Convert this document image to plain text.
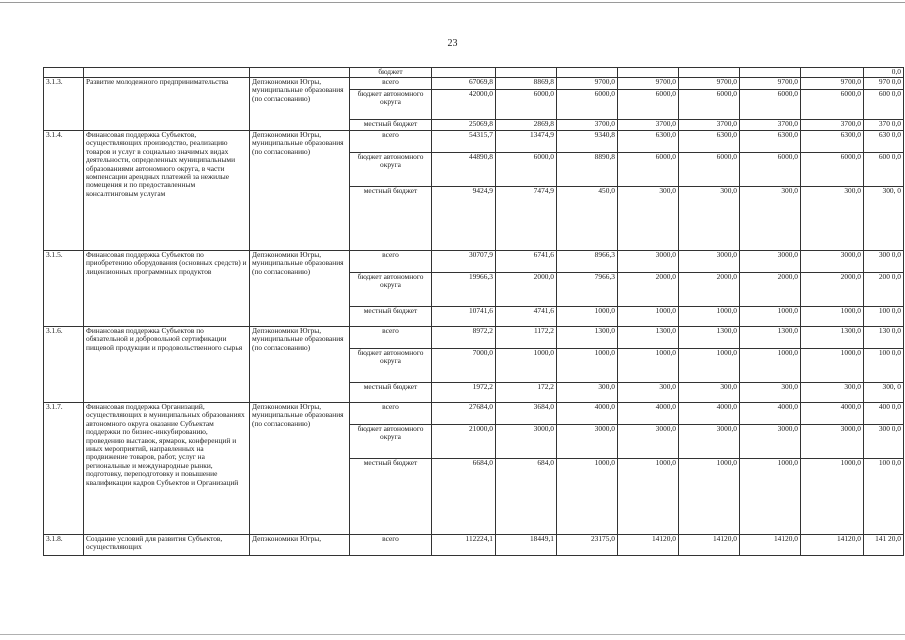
23
			бюджет								0,0
3.1.3.	Развитие молодежного предпринимательства	Депэкономики Югры, муниципальные образования (по согласованию)	всего	67069,8	8869,8	9700,0	9700,0	9700,0	9700,0	9700,0	970 0,0
			бюджет автономного округа	42000,0	6000,0	6000,0	6000,0	6000,0	6000,0	6000,0	600 0,0
			местный бюджет	25069,8	2869,8	3700,0	3700,0	3700,0	3700,0	3700,0	370 0,0
3.1.4.	Финансовая поддержка Субъектов, осуществляющих производство, реализацию товаров и услуг в социально значимых видах деятельности, определенных муниципальными образованиями автономного округа, в части компенсации арендных платежей за нежилые помещения и по предоставленным консалтинговым услугам	Депэкономики Югры, муниципальные образования (по согласованию)	всего	54315,7	13474,9	9340,8	6300,0	6300,0	6300,0	6300,0	630 0,0
			бюджет автономного округа	44890,8	6000,0	8890,8	6000,0	6000,0	6000,0	6000,0	600 0,0
			местный бюджет	9424,9	7474,9	450,0	300,0	300,0	300,0	300,0	300, 0
3.1.5.	Финансовая поддержка Субъектов по приобретению оборудования (основных средств) и лицензионных программных продуктов	Депэкономики Югры, муниципальные образования (по согласованию)	всего	30707,9	6741,6	8966,3	3000,0	3000,0	3000,0	3000,0	300 0,0
			бюджет автономного округа	19966,3	2000,0	7966,3	2000,0	2000,0	2000,0	2000,0	200 0,0
			местный бюджет	10741,6	4741,6	1000,0	1000,0	1000,0	1000,0	1000,0	100 0,0
3.1.6.	Финансовая поддержка Субъектов по обязательной и добровольной сертификации пищевой продукции и продовольственного сырья	Депэкономики Югры, муниципальные образования (по согласованию)	всего	8972,2	1172,2	1300,0	1300,0	1300,0	1300,0	1300,0	130 0,0
			бюджет автономного округа	7000,0	1000,0	1000,0	1000,0	1000,0	1000,0	1000,0	100 0,0
			местный бюджет	1972,2	172,2	300,0	300,0	300,0	300,0	300,0	300, 0
3.1.7.	Финансовая поддержка Организаций, осуществляющих в муниципальных образованиях автономного округа оказание Субъектам поддержки по бизнес-инкубированию, проведению выставок, ярмарок, конференций и иных мероприятий, направленных на продвижение товаров, работ, услуг на региональные и международные рынки, подготовку, переподготовку и повышение квалификации кадров Субъектов и Организаций	Депэкономики Югры, муниципальные образования (по согласованию)	всего	27684,0	3684,0	4000,0	4000,0	4000,0	4000,0	4000,0	400 0,0
			бюджет автономного округа	21000,0	3000,0	3000,0	3000,0	3000,0	3000,0	3000,0	300 0,0
			местный бюджет	6684,0	684,0	1000,0	1000,0	1000,0	1000,0	1000,0	100 0,0
3.1.8.	Создание условий для развития Субъектов, осуществляющих	Депэкономики Югры,	всего	112224,1	18449,1	23175,0	14120,0	14120,0	14120,0	14120,0	141 20,0
